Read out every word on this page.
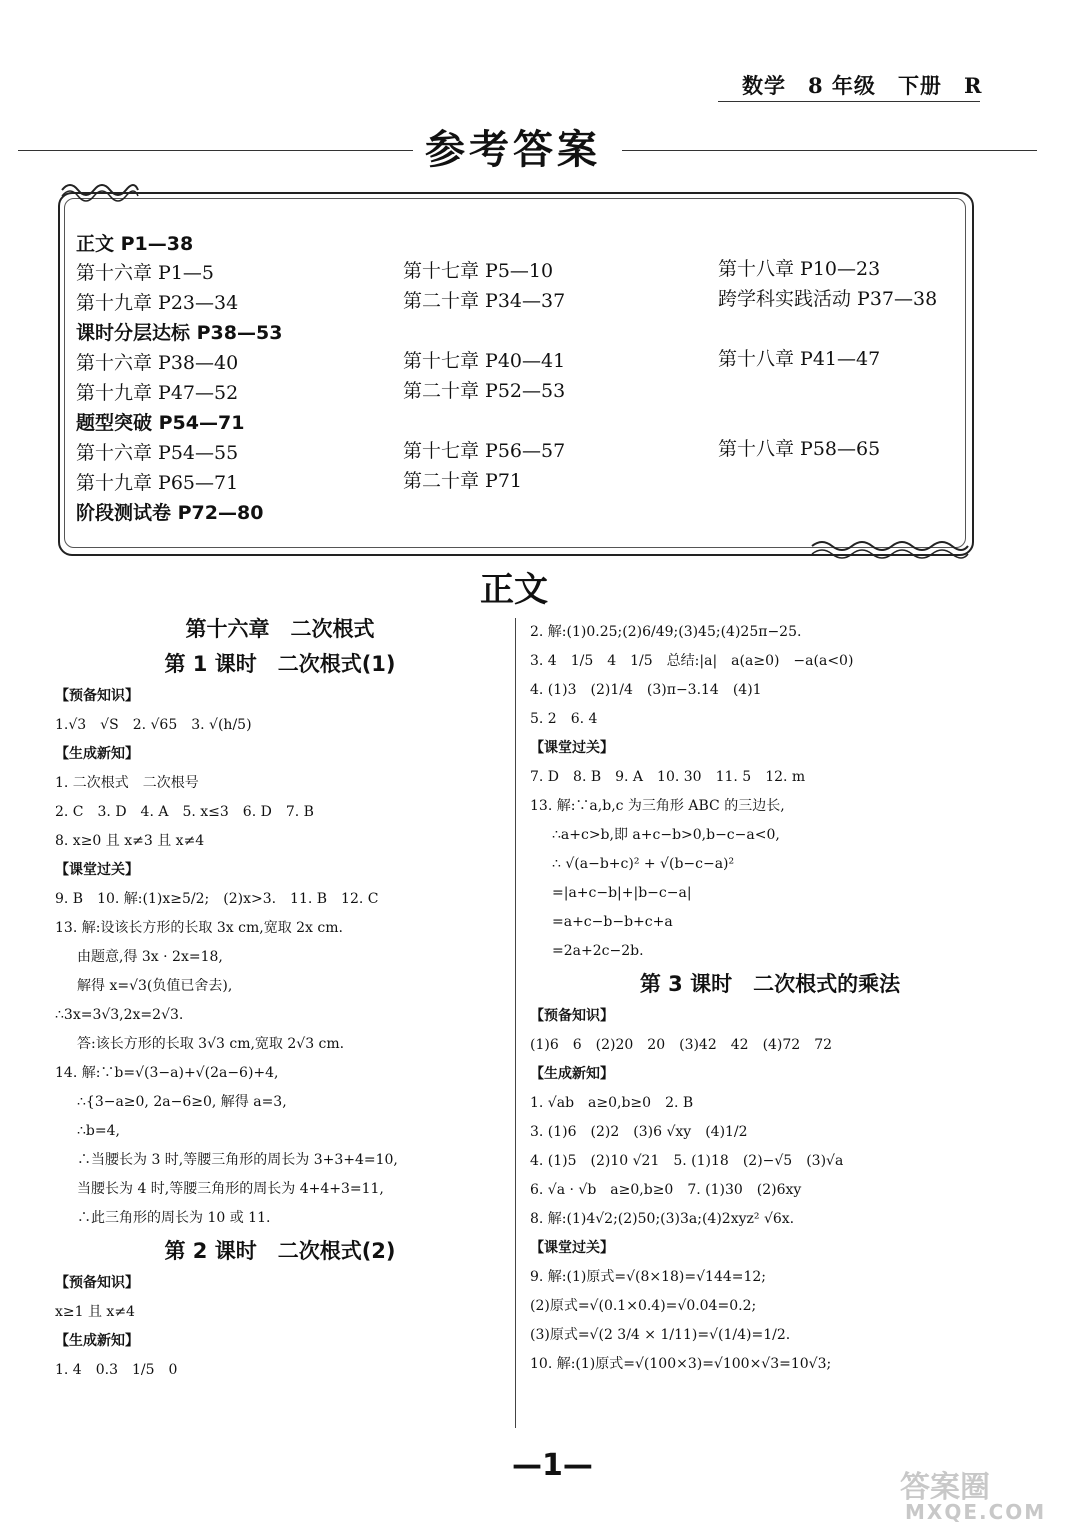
数学 8 年级 下册 R
参考答案
正文 P1—38
第十六章 P1—5	第十七章 P5—10	第十八章 P10—23
第十九章 P23—34	第二十章 P34—37	跨学科实践活动 P37—38
课时分层达标 P38—53
第十六章 P38—40	第十七章 P40—41	第十八章 P41—47
第十九章 P47—52	第二十章 P52—53
题型突破 P54—71
第十六章 P54—55	第十七章 P56—57	第十八章 P58—65
第十九章 P65—71	第二十章 P71
阶段测试卷 P72—80
正文
第十六章　二次根式
第 1 课时　二次根式(1)
【预备知识】
1.√3　√S　2. √65　3. √(h/5)
【生成新知】
1. 二次根式　二次根号
2. C　3. D　4. A　5. x≤3　6. D　7. B
8. x≥0 且 x≠3 且 x≠4
【课堂过关】
9. B　10. 解:(1)x≥5/2;　(2)x>3.　11. B　12. C
13. 解:设该长方形的长取 3x cm,宽取 2x cm.
由题意,得 3x · 2x=18,
解得 x=√3(负值已舍去),
∴3x=3√3,2x=2√3.
答:该长方形的长取 3√3 cm,宽取 2√3 cm.
14. 解:∵b=√(3−a)+√(2a−6)+4,
∴{3−a≥0, 2a−6≥0, 解得 a=3,
∴b=4,
∴当腰长为 3 时,等腰三角形的周长为 3+3+4=10,
当腰长为 4 时,等腰三角形的周长为 4+4+3=11,
∴此三角形的周长为 10 或 11.
第 2 课时　二次根式(2)
【预备知识】
x≥1 且 x≠4
【生成新知】
1. 4　0.3　1/5　0
2. 解:(1)0.25;(2)6/49;(3)45;(4)25π−25.
3. 4　1/5　4　1/5　总结:|a|　a(a≥0)　−a(a<0)
4. (1)3　(2)1/4　(3)π−3.14　(4)1
5. 2　6. 4
【课堂过关】
7. D　8. B　9. A　10. 30　11. 5　12. m
13. 解:∵a,b,c 为三角形 ABC 的三边长,
∴a+c>b,即 a+c−b>0,b−c−a<0,
∴ √(a−b+c)² + √(b−c−a)²
=|a+c−b|+|b−c−a|
=a+c−b−b+c+a
=2a+2c−2b.
第 3 课时　二次根式的乘法
【预备知识】
(1)6　6　(2)20　20　(3)42　42　(4)72　72
【生成新知】
1. √ab　a≥0,b≥0　2. B
3. (1)6　(2)2　(3)6 √xy　(4)1/2
4. (1)5　(2)10 √21　5. (1)18　(2)−√5　(3)√a
6. √a · √b　a≥0,b≥0　7. (1)30　(2)6xy
8. 解:(1)4√2;(2)50;(3)3a;(4)2xyz² √6x.
【课堂过关】
9. 解:(1)原式=√(8×18)=√144=12;
(2)原式=√(0.1×0.4)=√0.04=0.2;
(3)原式=√(2 3/4 × 1/11)=√(1/4)=1/2.
10. 解:(1)原式=√(100×3)=√100×√3=10√3;
—1—
答案圈
MXQE.COM
